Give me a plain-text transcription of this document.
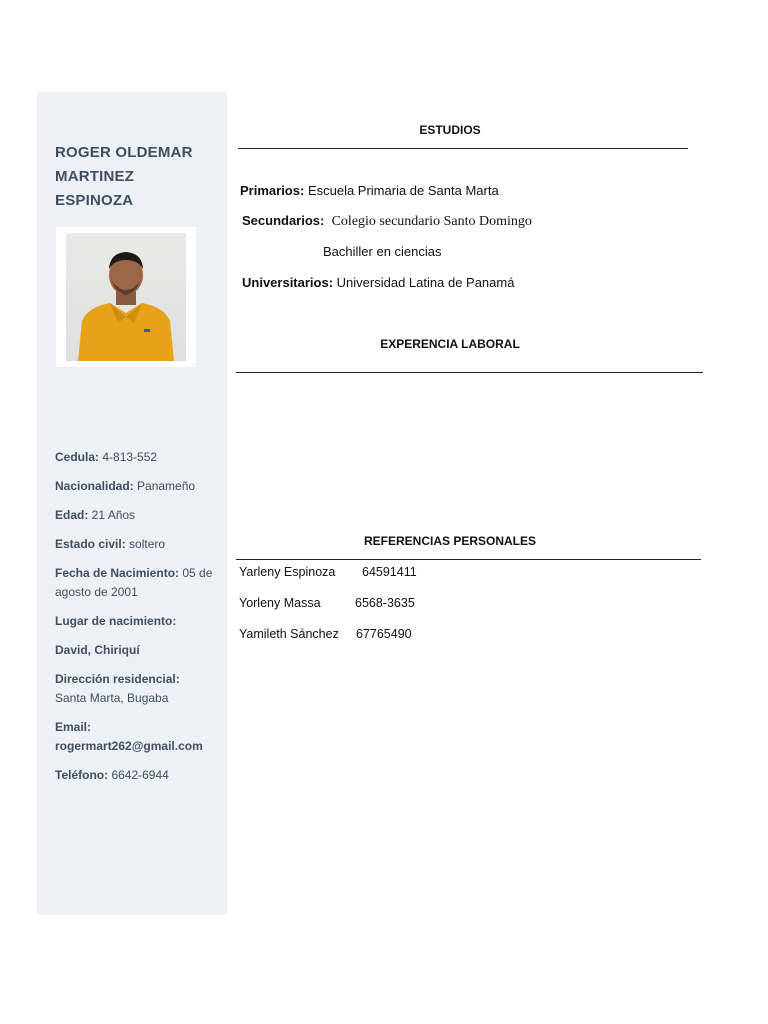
ROGER OLDEMAR
MARTINEZ
ESPINOZA
Cedula: 4-813-552
Nacionalidad: Panameño
Edad: 21 Años
Estado civil: soltero
Fecha de Nacimiento: 05 de agosto de 2001
Lugar de nacimiento:
David, Chiriquí
Dirección residencial:
Santa Marta, Bugaba
Email:
rogermart262@gmail.com
Teléfono: 6642-6944
ESTUDIOS
Primarios: Escuela Primaria de Santa Marta
Secundarios: Colegio secundario Santo Domingo
Bachiller en ciencias
Universitarios: Universidad Latina de Panamá
EXPERENCIA LABORAL
REFERENCIAS PERSONALES
Yarleny Espinoza 64591411
Yorleny Massa	6568-3635
Yamileth Sánchez 67765490
